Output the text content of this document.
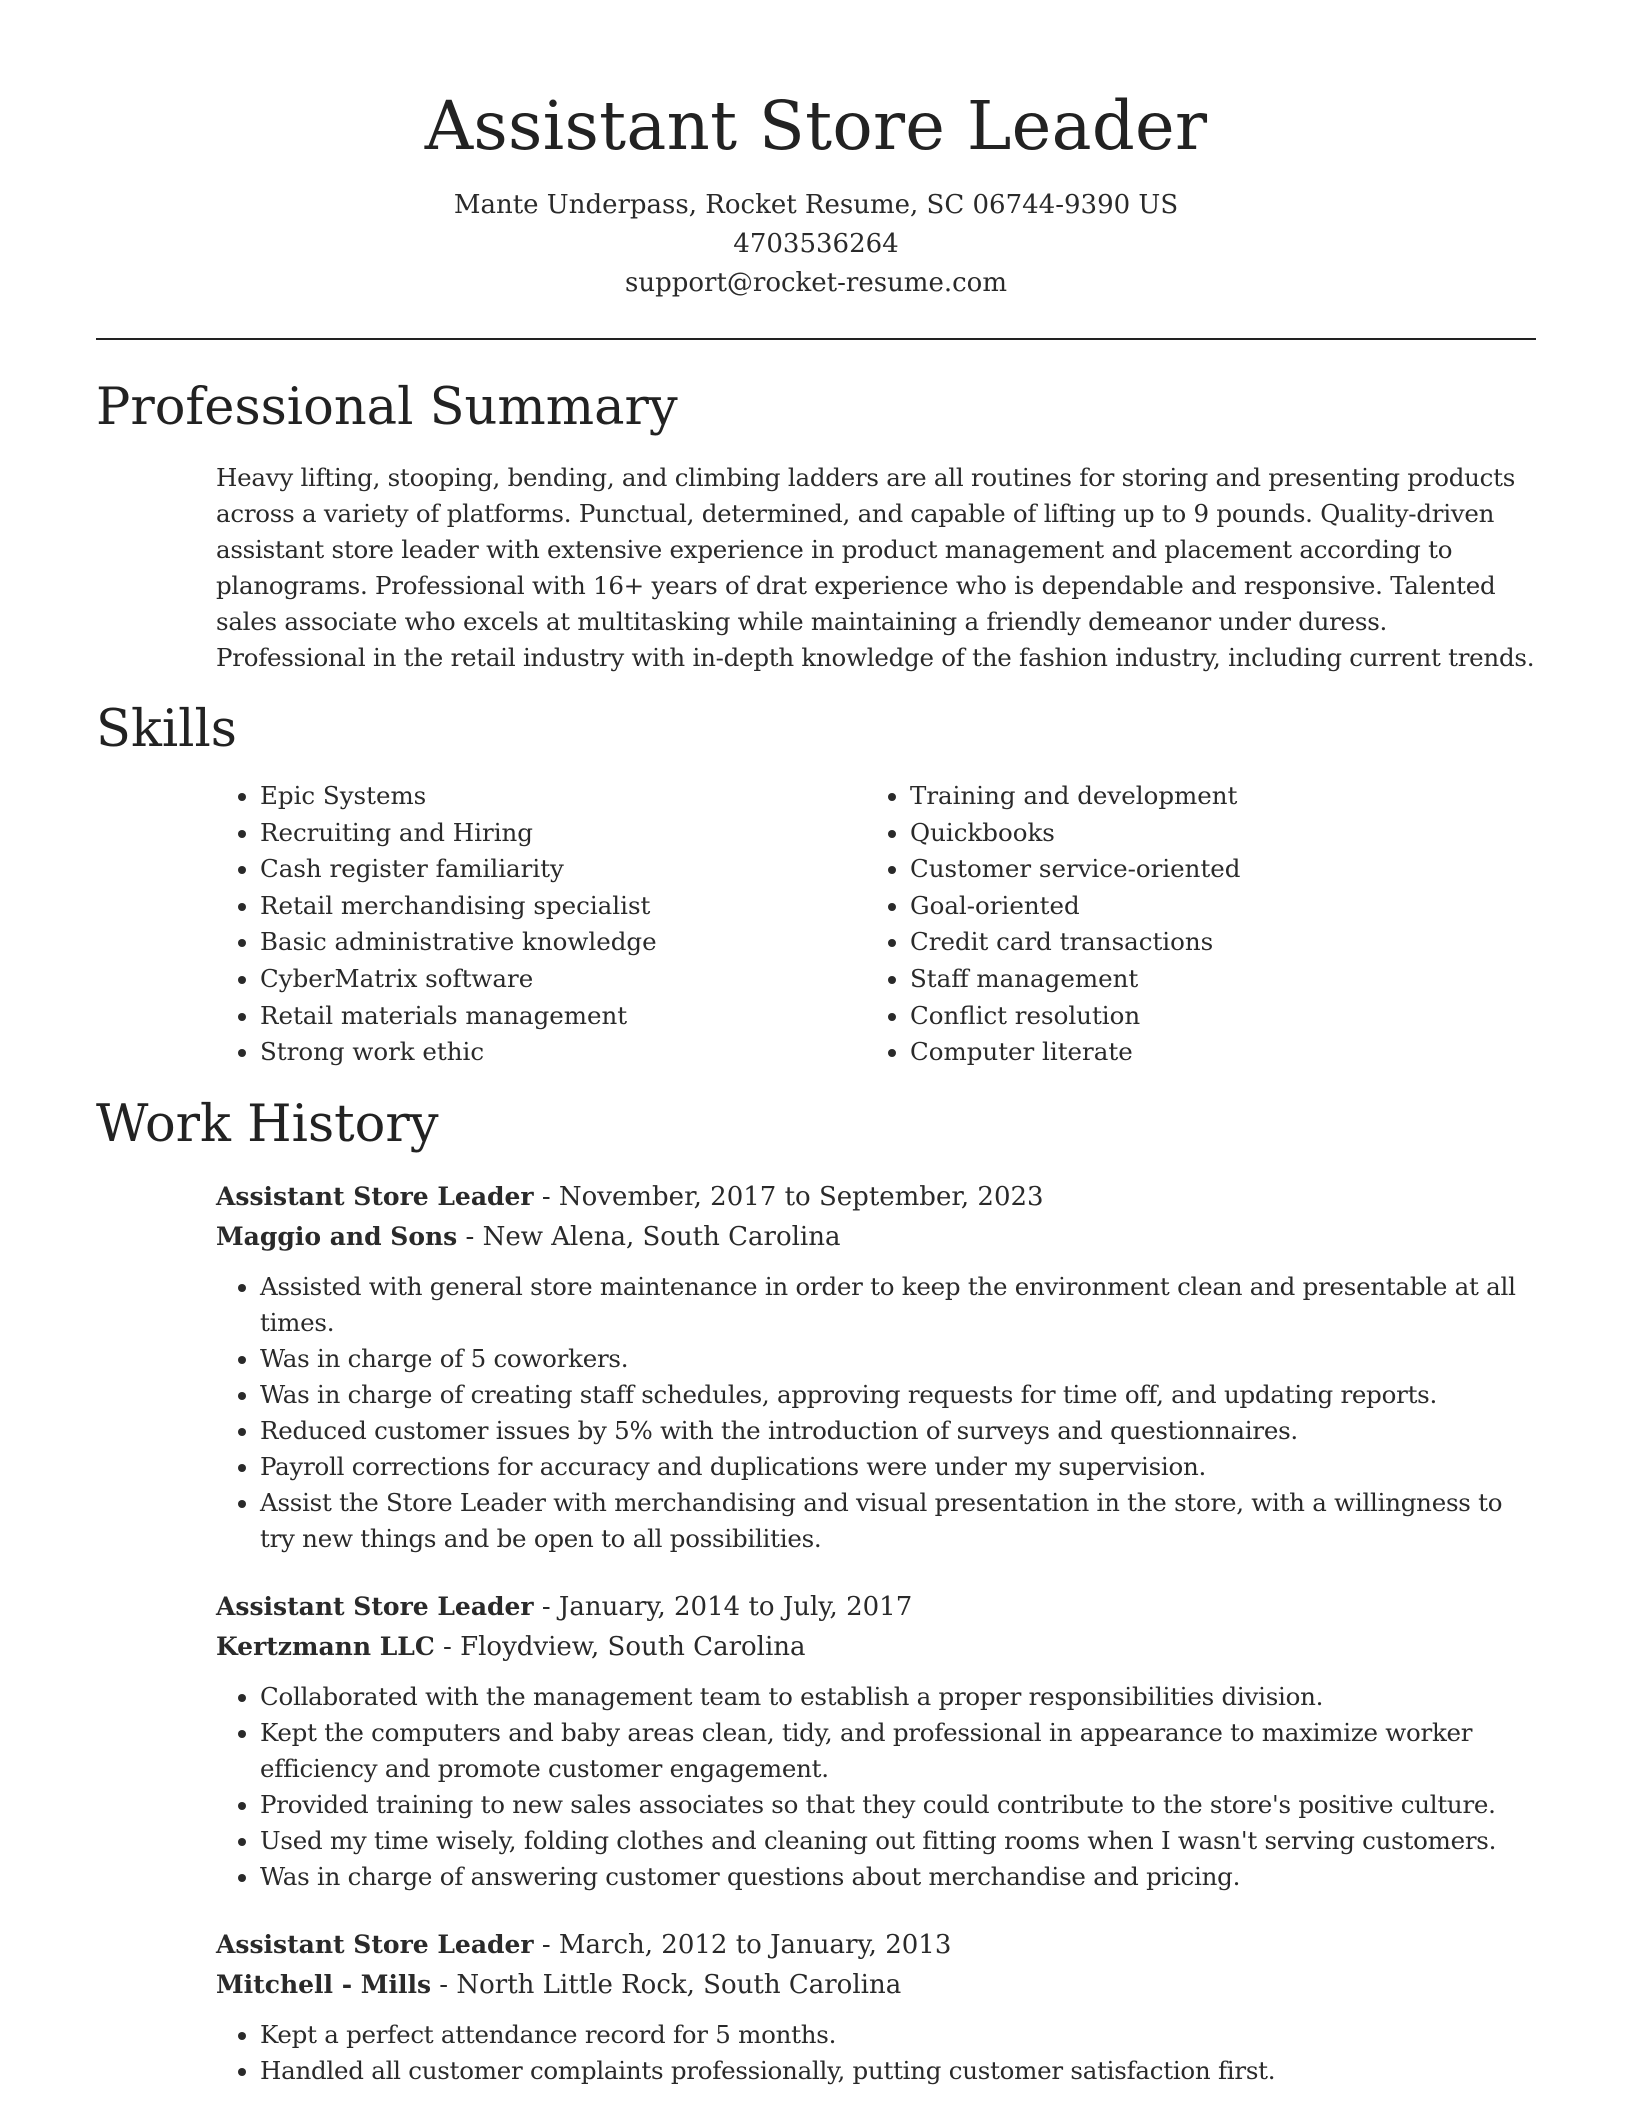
Assistant Store Leader
Mante Underpass, Rocket Resume, SC 06744-9390 US
4703536264
support@rocket-resume.com
Professional Summary
Heavy lifting, stooping, bending, and climbing ladders are all routines for storing and presenting products across a variety of platforms. Punctual, determined, and capable of lifting up to 9 pounds. Quality-driven assistant store leader with extensive experience in product management and placement according to planograms. Professional with 16+ years of drat experience who is dependable and responsive. Talented sales associate who excels at multitasking while maintaining a friendly demeanor under duress. Professional in the retail industry with in-depth knowledge of the fashion industry, including current trends.
Skills
• Epic Systems
• Recruiting and Hiring
• Cash register familiarity
• Retail merchandising specialist
• Basic administrative knowledge
• CyberMatrix software
• Retail materials management
• Strong work ethic
• Training and development
• Quickbooks
• Customer service-oriented
• Goal-oriented
• Credit card transactions
• Staff management
• Conflict resolution
• Computer literate
Work History
Assistant Store Leader - November, 2017 to September, 2023
Maggio and Sons - New Alena, South Carolina
• Assisted with general store maintenance in order to keep the environment clean and presentable at all times.
• Was in charge of 5 coworkers.
• Was in charge of creating staff schedules, approving requests for time off, and updating reports.
• Reduced customer issues by 5% with the introduction of surveys and questionnaires.
• Payroll corrections for accuracy and duplications were under my supervision.
• Assist the Store Leader with merchandising and visual presentation in the store, with a willingness to try new things and be open to all possibilities.
Assistant Store Leader - January, 2014 to July, 2017
Kertzmann LLC - Floydview, South Carolina
• Collaborated with the management team to establish a proper responsibilities division.
• Kept the computers and baby areas clean, tidy, and professional in appearance to maximize worker efficiency and promote customer engagement.
• Provided training to new sales associates so that they could contribute to the store's positive culture.
• Used my time wisely, folding clothes and cleaning out fitting rooms when I wasn't serving customers.
• Was in charge of answering customer questions about merchandise and pricing.
Assistant Store Leader - March, 2012 to January, 2013
Mitchell - Mills - North Little Rock, South Carolina
• Kept a perfect attendance record for 5 months.
• Handled all customer complaints professionally, putting customer satisfaction first.
